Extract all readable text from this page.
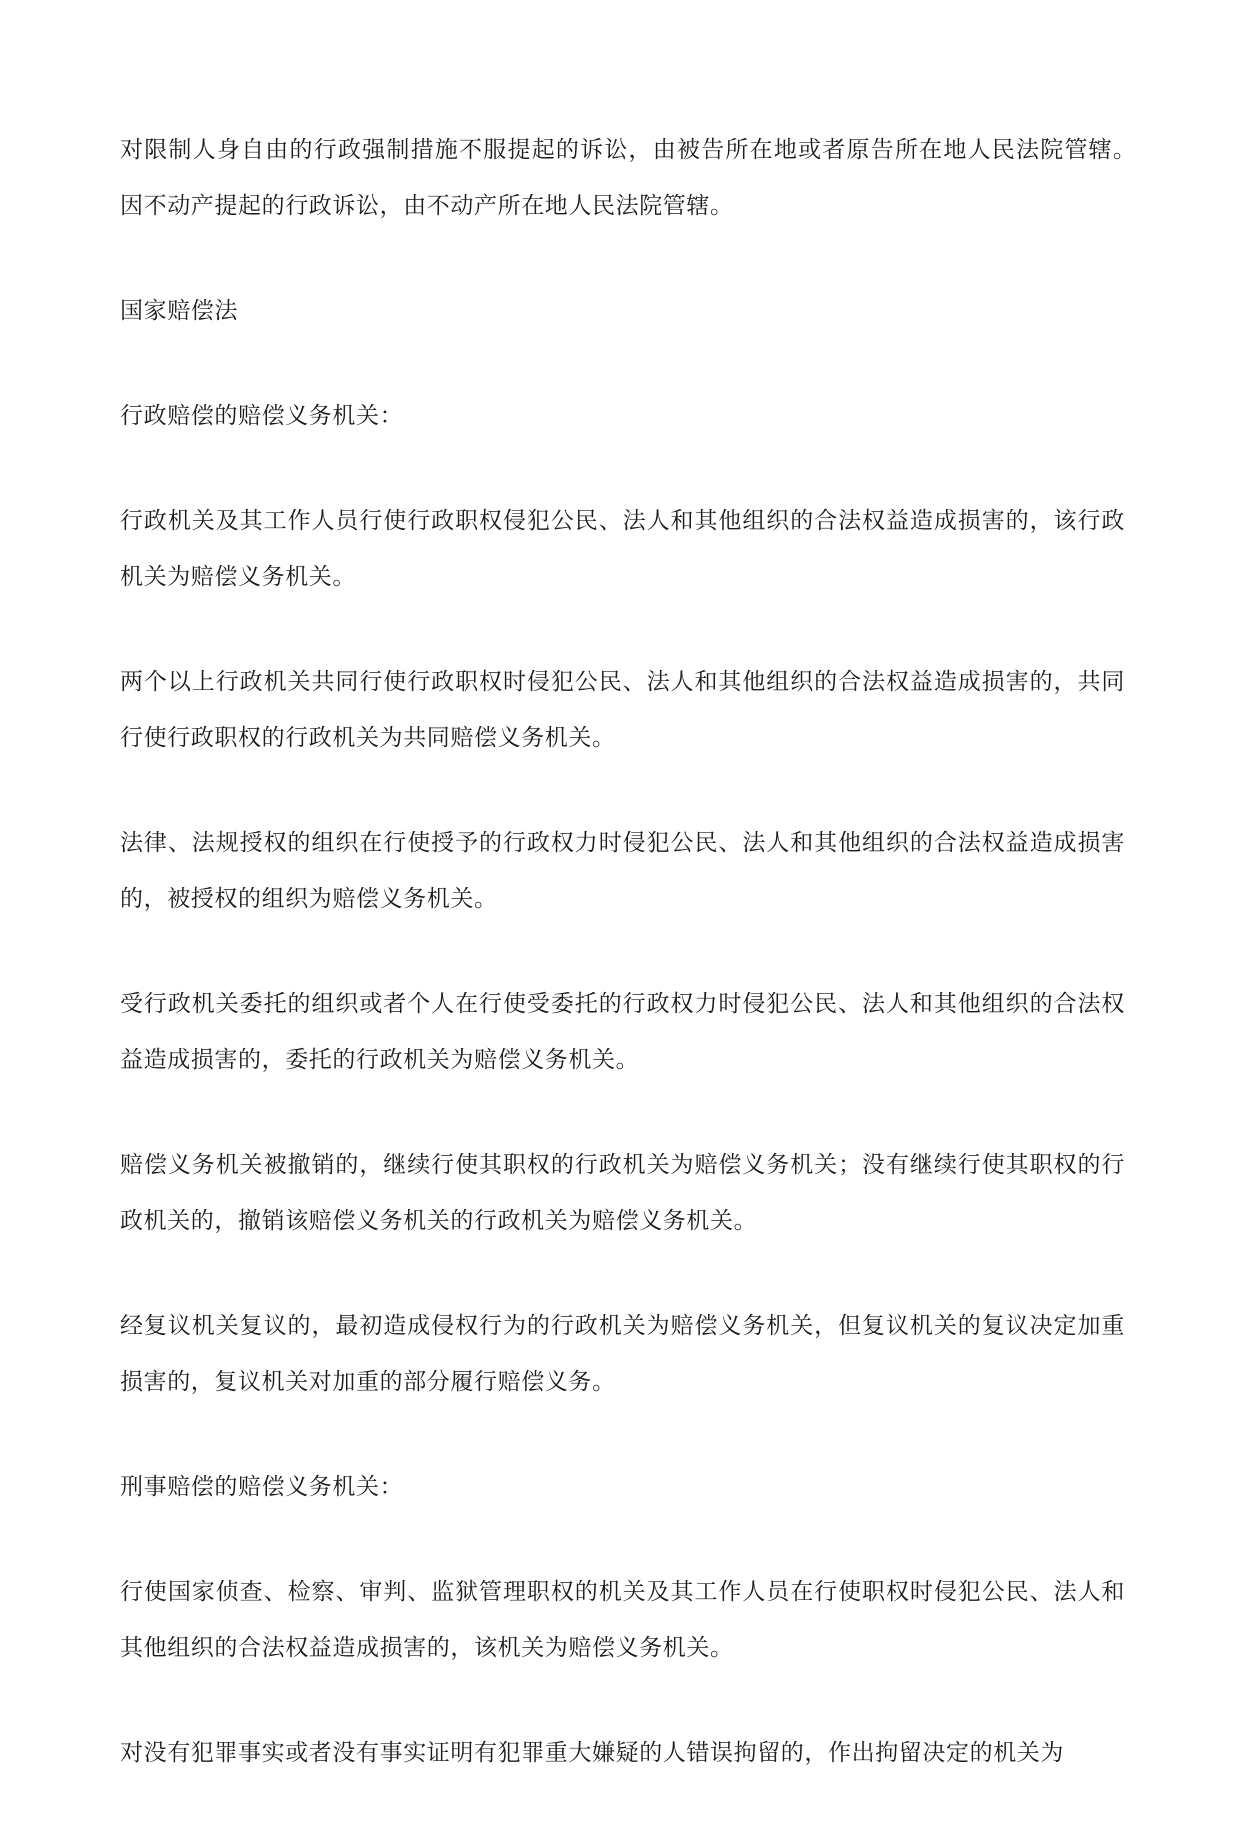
对限制人身自由的行政强制措施不服提起的诉讼，由被告所在地或者原告所在地人民法院管辖。　　因不动产提起的行政诉讼，由不动产所在地人民法院管辖。

国家赔偿法

行政赔偿的赔偿义务机关：

行政机关及其工作人员行使行政职权侵犯公民、法人和其他组织的合法权益造成损害的，该行政机关为赔偿义务机关。

两个以上行政机关共同行使行政职权时侵犯公民、法人和其他组织的合法权益造成损害的，共同行使行政职权的行政机关为共同赔偿义务机关。

法律、法规授权的组织在行使授予的行政权力时侵犯公民、法人和其他组织的合法权益造成损害的，被授权的组织为赔偿义务机关。

受行政机关委托的组织或者个人在行使受委托的行政权力时侵犯公民、法人和其他组织的合法权益造成损害的，委托的行政机关为赔偿义务机关。

赔偿义务机关被撤销的，继续行使其职权的行政机关为赔偿义务机关；没有继续行使其职权的行政机关的，撤销该赔偿义务机关的行政机关为赔偿义务机关。

经复议机关复议的，最初造成侵权行为的行政机关为赔偿义务机关，但复议机关的复议决定加重损害的，复议机关对加重的部分履行赔偿义务。

刑事赔偿的赔偿义务机关：

行使国家侦查、检察、审判、监狱管理职权的机关及其工作人员在行使职权时侵犯公民、法人和其他组织的合法权益造成损害的，该机关为赔偿义务机关。

对没有犯罪事实或者没有事实证明有犯罪重大嫌疑的人错误拘留的，作出拘留决定的机关为
